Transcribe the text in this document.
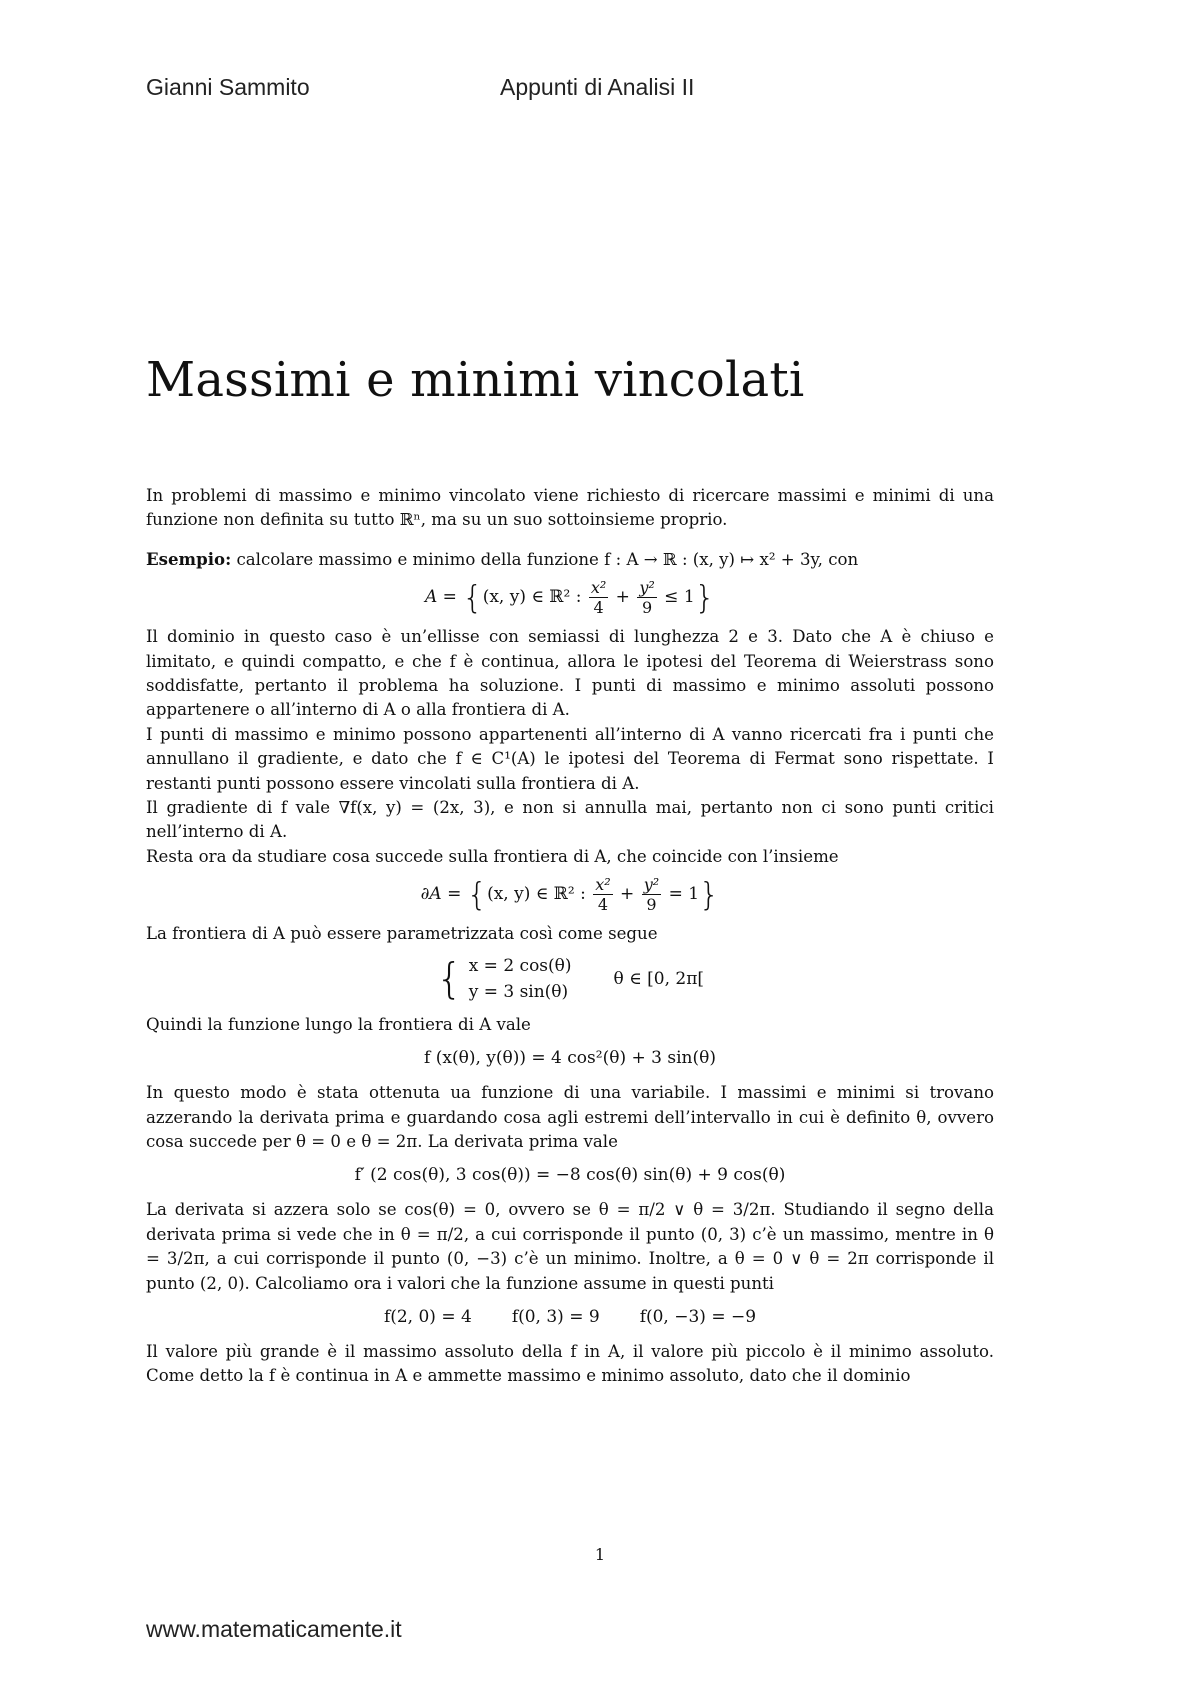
Gianni Sammito	Appunti di Analisi II
Massimi e minimi vincolati

In problemi di massimo e minimo vincolato viene richiesto di ricercare massimi e minimi di una funzione non definita su tutto ℝⁿ, ma su un suo sottoinsieme proprio.

Esempio: calcolare massimo e minimo della funzione f : A → ℝ : (x, y) ↦ x² + 3y, con

A = {(x, y) ∈ ℝ² : $\frac{\text{x²}}{4} + \frac{\text{y²}}{9} \le 1$}

Il dominio in questo caso è un’ellisse con semiassi di lunghezza 2 e 3. Dato che A è chiuso e limitato, e quindi compatto, e che f è continua, allora le ipotesi del Teorema di Weierstrass sono soddisfatte, pertanto il problema ha soluzione. I punti di massimo e minimo assoluti possono appartenere o all’interno di A o alla frontiera di A.

I punti di massimo e minimo possono appartenenti all’interno di A vanno ricercati fra i punti che annullano il gradiente, e dato che f ∈ C¹(A) le ipotesi del Teorema di Fermat sono rispettate. I restanti punti possono essere vincolati sulla frontiera di A.

Il gradiente di f vale ∇f(x, y) = (2x, 3), e non si annulla mai, pertanto non ci sono punti critici nell’interno di A.

Resta ora da studiare cosa succede sulla frontiera di A, che coincide con l’insieme

∂A = {(x, y) ∈ ℝ² : $\frac{\text{x²}}{4} + \frac{\text{y²}}{9} = 1$}

La frontiera di A può essere parametrizzata così come segue

{ x = 2 cos(θ)
y = 3 sin(θ)
θ ∈ [0, 2π[

Quindi la funzione lungo la frontiera di A vale

f (x(θ), y(θ)) = 4 cos²(θ) + 3 sin(θ)

In questo modo è stata ottenuta ua funzione di una variabile. I massimi e minimi si trovano azzerando la derivata prima e guardando cosa agli estremi dell’intervallo in cui è definito θ, ovvero cosa succede per θ = 0 e θ = 2π. La derivata prima vale

f′ (2 cos(θ), 3 cos(θ)) = −8 cos(θ) sin(θ) + 9 cos(θ)

La derivata si azzera solo se cos(θ) = 0, ovvero se θ = π/2 ∨ θ = 3/2π. Studiando il segno della derivata prima si vede che in θ = π/2, a cui corrisponde il punto (0, 3) c’è un massimo, mentre in θ = 3/2π, a cui corrisponde il punto (0, −3) c’è un minimo. Inoltre, a θ = 0 ∨ θ = 2π corrisponde il punto (2, 0). Calcoliamo ora i valori che la funzione assume in questi punti

f(2, 0) = 4 f(0, 3) = 9 f(0, −3) = −9

Il valore più grande è il massimo assoluto della f in A, il valore più piccolo è il minimo assoluto. Come detto la f è continua in A e ammette massimo e minimo assoluto, dato che il dominio

1
www.matematicamente.it
